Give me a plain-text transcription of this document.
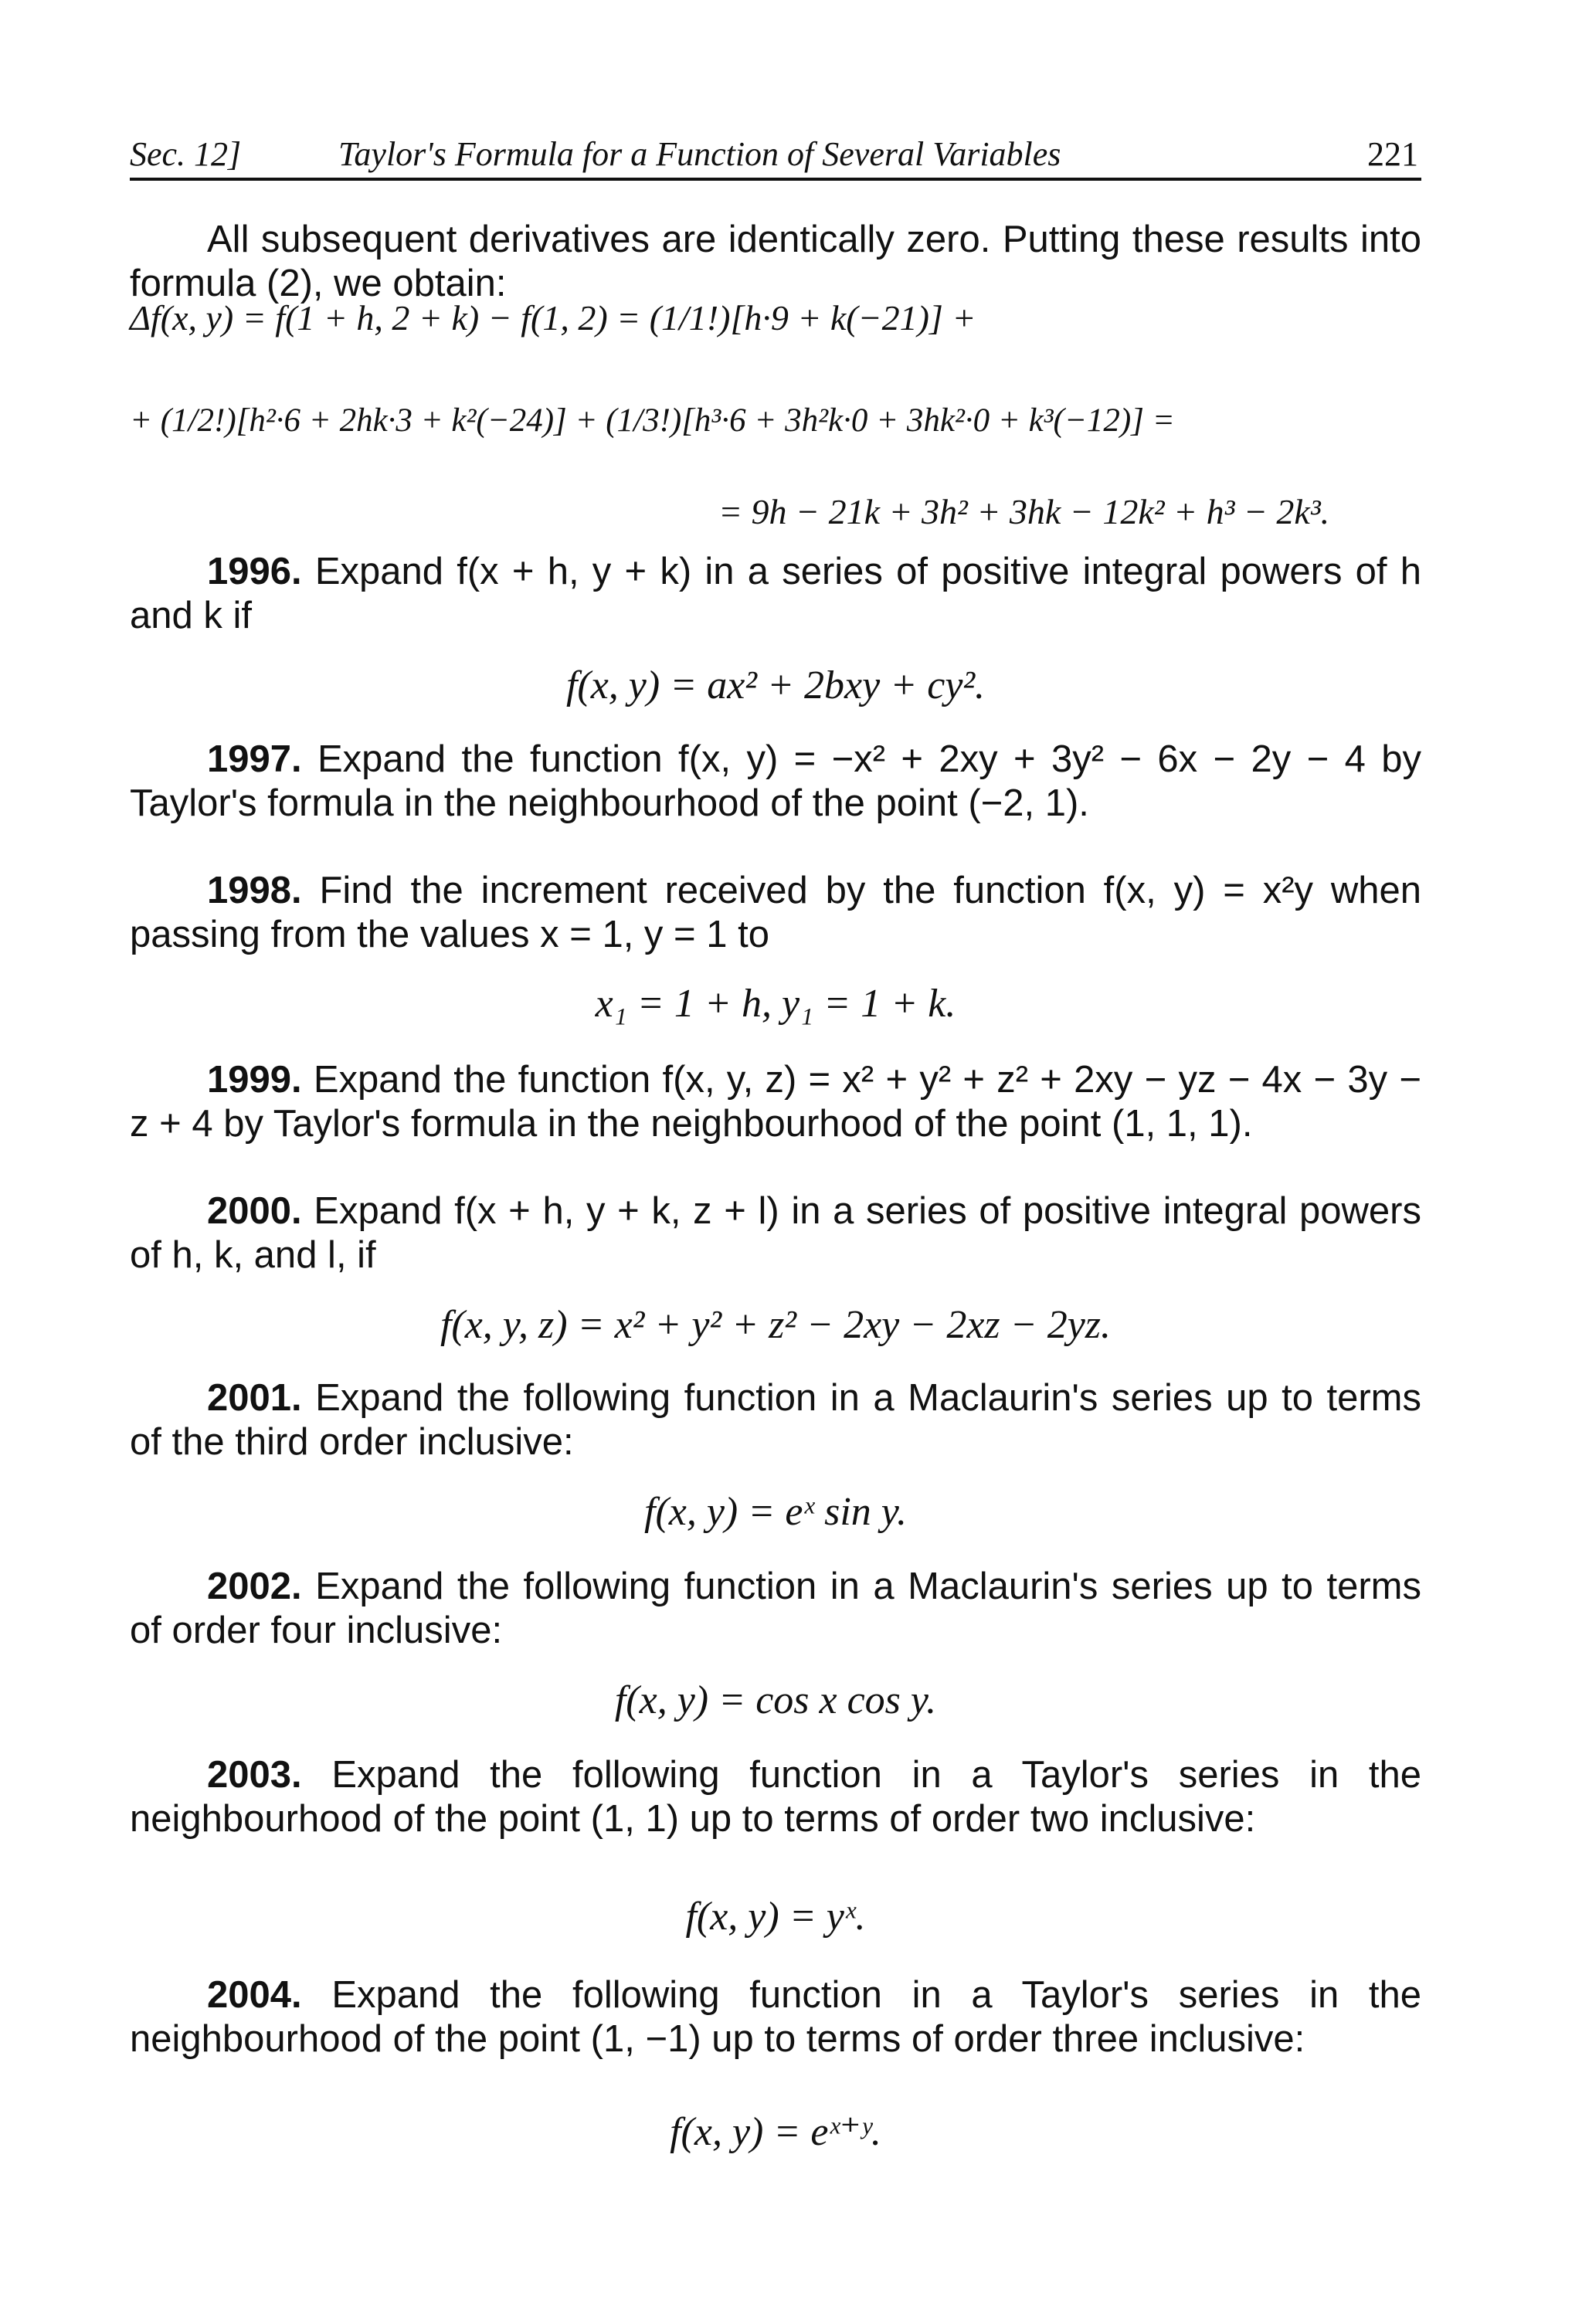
Sec. 12]	Taylor's Formula for a Function of Several Variables	221
All subsequent derivatives are identically zero. Putting these results into formula (2), we obtain:
Δf(x, y) = f(1 + h, 2 + k) − f(1, 2) = (1/1!)[h·9 + k(−21)] +
+ (1/2!)[h²·6 + 2hk·3 + k²(−24)] + (1/3!)[h³·6 + 3h²k·0 + 3hk²·0 + k³(−12)] =
= 9h − 21k + 3h² + 3hk − 12k² + h³ − 2k³.
1996. Expand f(x + h, y + k) in a series of positive integral powers of h and k if
f(x, y) = ax² + 2bxy + cy².
1997. Expand the function f(x, y) = −x² + 2xy + 3y² − 6x − 2y − 4 by Taylor's formula in the neighbourhood of the point (−2, 1).
1998. Find the increment received by the function f(x, y) = x²y when passing from the values x = 1, y = 1 to
x₁ = 1 + h, y₁ = 1 + k.
1999. Expand the function f(x, y, z) = x² + y² + z² + 2xy − yz − 4x − 3y − z + 4 by Taylor's formula in the neighbourhood of the point (1, 1, 1).
2000. Expand f(x + h, y + k, z + l) in a series of positive integral powers of h, k, and l, if
f(x, y, z) = x² + y² + z² − 2xy − 2xz − 2yz.
2001. Expand the following function in a Maclaurin's series up to terms of the third order inclusive:
f(x, y) = eˣ sin y.
2002. Expand the following function in a Maclaurin's series up to terms of order four inclusive:
f(x, y) = cos x cos y.
2003. Expand the following function in a Taylor's series in the neighbourhood of the point (1, 1) up to terms of order two inclusive:
f(x, y) = yˣ.
2004. Expand the following function in a Taylor's series in the neighbourhood of the point (1, −1) up to terms of order three inclusive:
f(x, y) = eˣ⁺ʸ.
